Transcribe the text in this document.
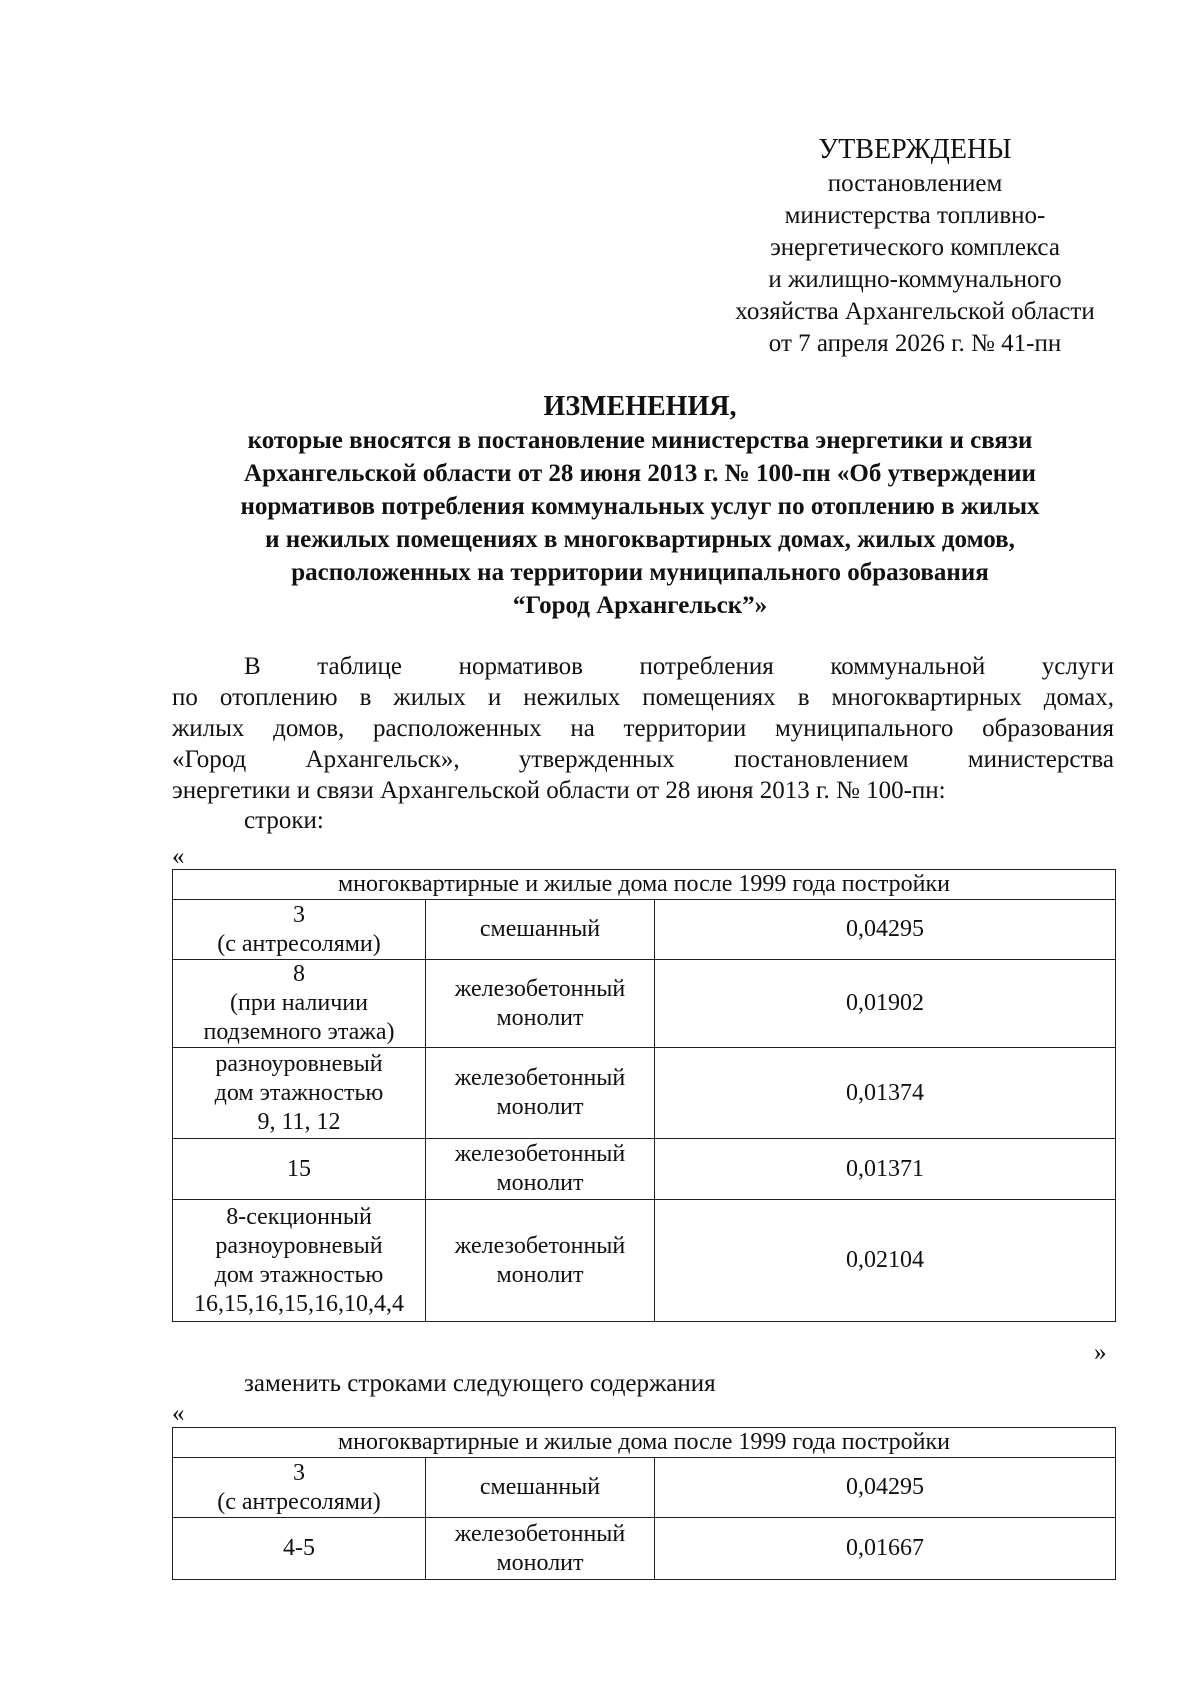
УТВЕРЖДЕНЫ
постановлением
министерства топливно-
энергетического комплекса
и жилищно-коммунального
хозяйства Архангельской области
от 7 апреля 2026 г. № 41-пн
ИЗМЕНЕНИЯ,
которые вносятся в постановление министерства энергетики и связи
Архангельской области от 28 июня 2013 г. № 100-пн «Об утверждении
нормативов потребления коммунальных услуг по отоплению в жилых
и нежилых помещениях в многоквартирных домах, жилых домов,
расположенных на территории муниципального образования
“Город Архангельск”»
В таблице нормативов потребления коммунальной услуги
по отоплению в жилых и нежилых помещениях в многоквартирных домах,
жилых домов, расположенных на территории муниципального образования
«Город Архангельск», утвержденных постановлением министерства
энергетики и связи Архангельской области от 28 июня 2013 г. № 100-пн:
строки:
«
многоквартирные и жилые дома после 1999 года постройки		

3
(с антресолями)	смешанный	0,04295

8
(при наличии
подземного этажа)	железобетонный
монолит	0,01902

разноуровневый
дом этажностью
9, 11, 12	железобетонный
монолит	0,01374

15	железобетонный
монолит	0,01371

8-секционный
разноуровневый
дом этажностью
16,15,16,15,16,10,4,4	железобетонный
монолит	0,02104
»
заменить строками следующего содержания
«
многоквартирные и жилые дома после 1999 года постройки		

3
(с антресолями)	смешанный	0,04295

4-5	железобетонный
монолит	0,01667
